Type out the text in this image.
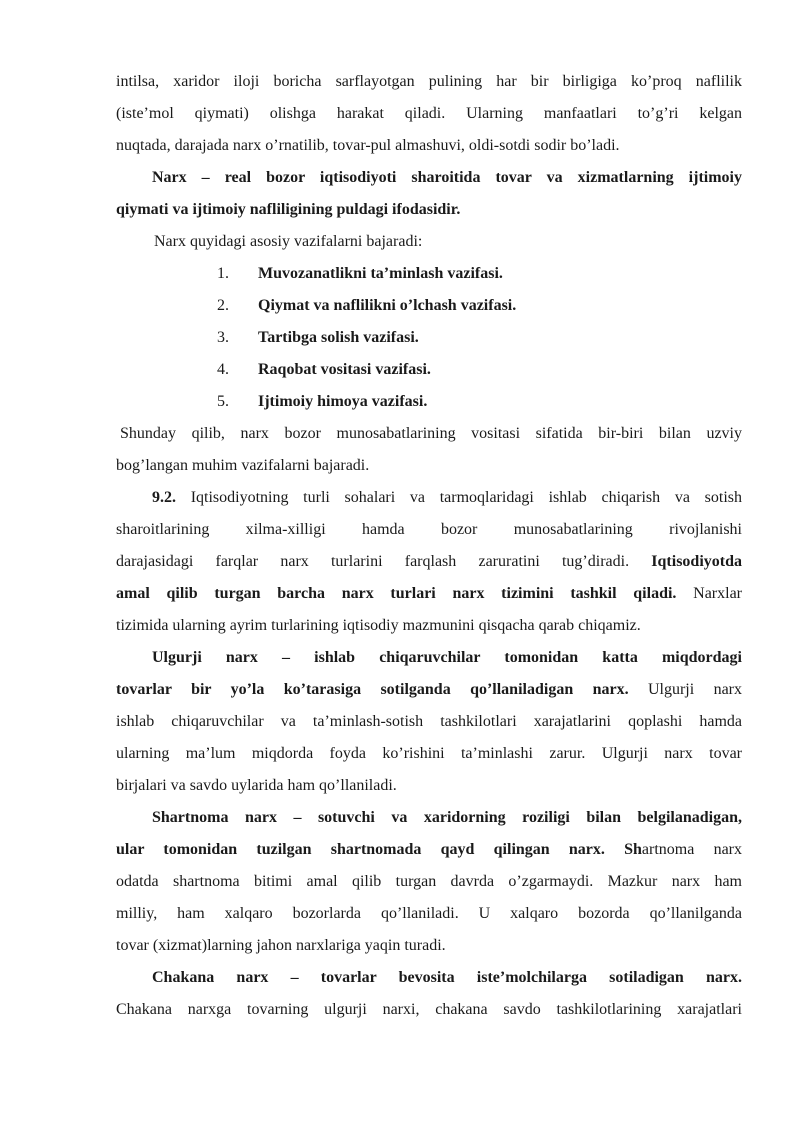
intilsa, xaridor iloji boricha sarflayotgan pulining har bir birligiga ko’proq naflilik
(iste’mol qiymati) olishga harakat qiladi. Ularning manfaatlari to’g’ri kelgan
nuqtada, darajada narx o’rnatilib, tovar-pul almashuvi, oldi-sotdi sodir bo’ladi.
Narx – real bozor iqtisodiyoti sharoitida tovar va xizmatlarning ijtimoiy
qiymati va ijtimoiy nafliligining puldagi ifodasidir.
Narx quyidagi asosiy vazifalarni bajaradi:
1. Muvozanatlikni ta’minlash vazifasi.
2. Qiymat va naflilikni o’lchash vazifasi.
3. Tartibga solish vazifasi.
4. Raqobat vositasi vazifasi.
5. Ijtimoiy himoya vazifasi.
Shunday qilib, narx bozor munosabatlarining vositasi sifatida bir-biri bilan uzviy
bog’langan muhim vazifalarni bajaradi.
9.2. Iqtisodiyotning turli sohalari va tarmoqlaridagi ishlab chiqarish va sotish
sharoitlarining xilma-xilligi hamda bozor munosabatlarining rivojlanishi
darajasidagi farqlar narx turlarini farqlash zaruratini tug’diradi. Iqtisodiyotda
amal qilib turgan barcha narx turlari narx tizimini tashkil qiladi. Narxlar
tizimida ularning ayrim turlarining iqtisodiy mazmunini qisqacha qarab chiqamiz.
Ulgurji narx – ishlab chiqaruvchilar tomonidan katta miqdordagi
tovarlar bir yo’la ko’tarasiga sotilganda qo’llaniladigan narx. Ulgurji narx
ishlab chiqaruvchilar va ta’minlash-sotish tashkilotlari xarajatlarini qoplashi hamda
ularning ma’lum miqdorda foyda ko’rishini ta’minlashi zarur. Ulgurji narx tovar
birjalari va savdo uylarida ham qo’llaniladi.
Shartnoma narx – sotuvchi va xaridorning roziligi bilan belgilanadigan,
ular tomonidan tuzilgan shartnomada qayd qilingan narx. Shartnoma narx
odatda shartnoma bitimi amal qilib turgan davrda o’zgarmaydi. Mazkur narx ham
milliy, ham xalqaro bozorlarda qo’llaniladi. U xalqaro bozorda qo’llanilganda
tovar (xizmat)larning jahon narxlariga yaqin turadi.
Chakana narx – tovarlar bevosita iste’molchilarga sotiladigan narx.
Chakana narxga tovarning ulgurji narxi, chakana savdo tashkilotlarining xarajatlari
